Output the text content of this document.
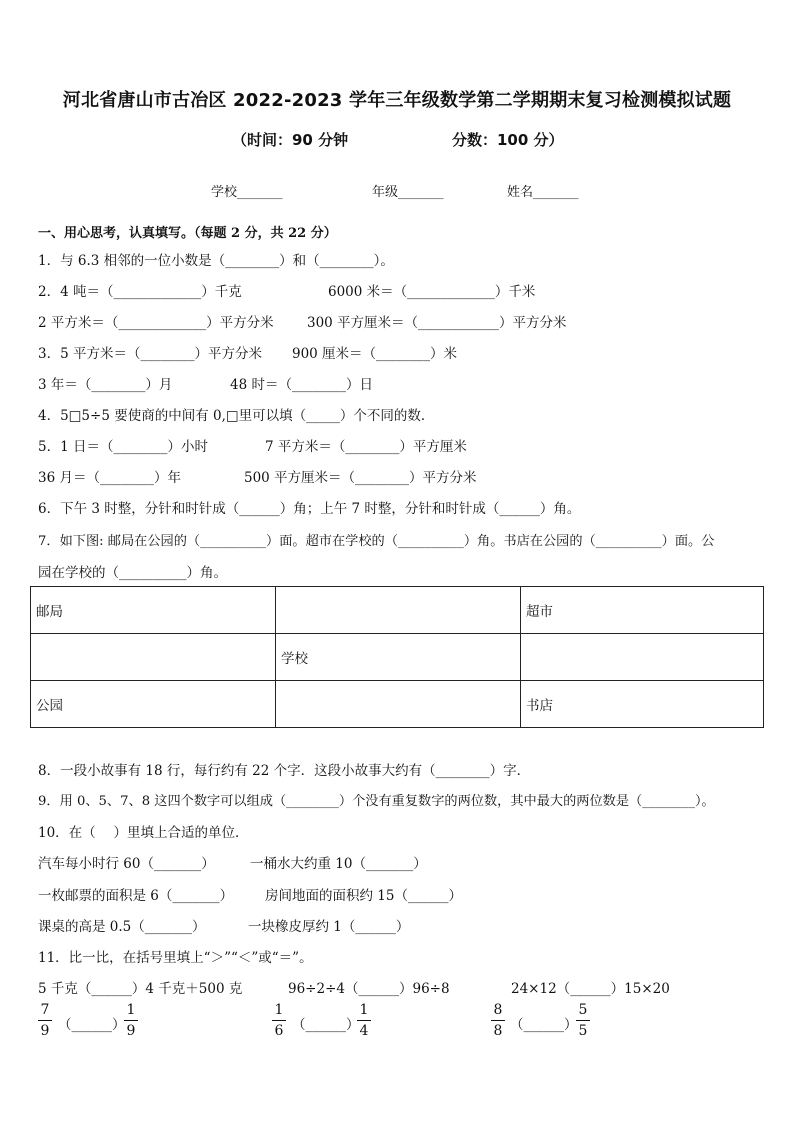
河北省唐山市古冶区 2022-2023 学年三年级数学第二学期期末复习检测模拟试题
（时间：90 分钟	分数：100 分）
学校_______	年级_______	姓名_______
一、用心思考，认真填写。（每题 2 分，共 22 分）
1．与 6.3 相邻的一位小数是（________）和（________）。
2．4 吨＝（_____________）千克	6000 米＝（_____________）千米
2 平方米＝（_____________）平方分米 300 平方厘米＝（____________）平方分米
3．5 平方米＝（________）平方分米 900 厘米＝（________）米
3 年＝（________）月	48 时＝（________）日
4．5□5÷5 要使商的中间有 0,□里可以填（_____）个不同的数．
5．1 日＝（________）小时	7 平方米＝（________）平方厘米
36 月＝（________）年	500 平方厘米＝（________）平方分米
6．下午 3 时整，分针和时针成（______）角；上午 7 时整，分针和时针成（______）角。
7．如下图: 邮局在公园的（__________）面。超市在学校的（__________）角。书店在公园的（__________）面。公
园在学校的（__________）角。
邮局		超市
	学校	
公园		书店
8．一段小故事有 18 行，每行约有 22 个字．这段小故事大约有（________）字．
9．用 0、5、7、8 这四个数字可以组成（________）个没有重复数字的两位数，其中最大的两位数是（________）。
10．在（　 ）里填上合适的单位．
汽车每小时行 60（_______）	一桶水大约重 10（_______）
一枚邮票的面积是 6（_______） 房间地面的面积约 15（______）
课桌的高是 0.5（_______）	一块橡皮厚约 1（______）
11．比一比，在括号里填上“＞”“＜”或“＝”。
5 千克（______）4 千克＋500 克	96÷2÷4（______）96÷8	24×12（______）15×20
7
9 （______）
1
9
1
6 （______）
1
4
8
8 （______）
5
5
